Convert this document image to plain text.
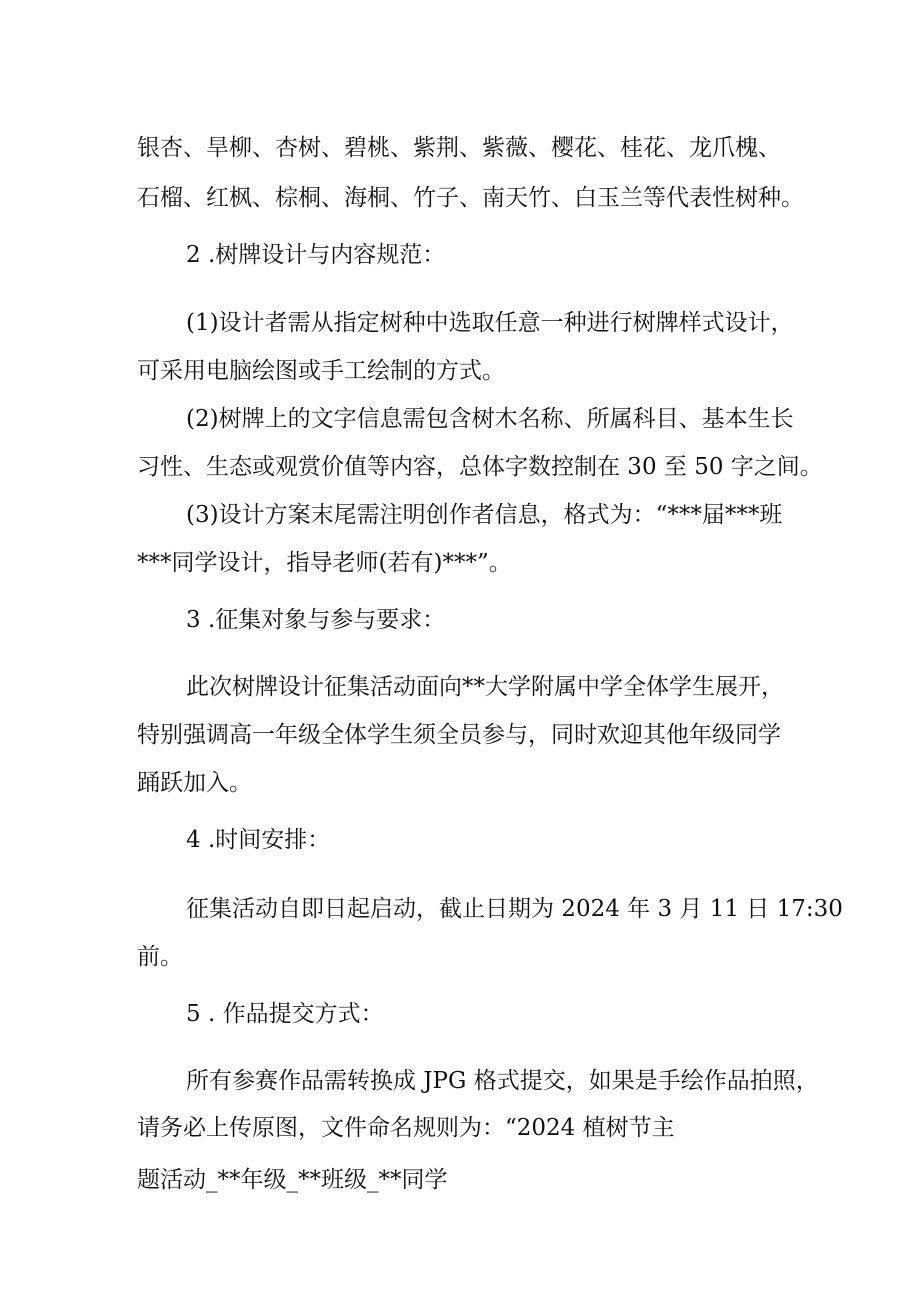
银杏、旱柳、杏树、碧桃、紫荆、紫薇、樱花、桂花、龙爪槐、
石榴、红枫、棕桐、海桐、竹子、南天竹、白玉兰等代表性树种。
2 .树牌设计与内容规范：
(1)设计者需从指定树种中选取任意一种进行树牌样式设计，
可采用电脑绘图或手工绘制的方式。
(2)树牌上的文字信息需包含树木名称、所属科目、基本生长
习性、生态或观赏价值等内容，总体字数控制在 30 至 50 字之间。
(3)设计方案末尾需注明创作者信息，格式为：“***届***班
***同学设计，指导老师(若有)***”。
3 .征集对象与参与要求：
此次树牌设计征集活动面向**大学附属中学全体学生展开，
特别强调高一年级全体学生须全员参与，同时欢迎其他年级同学
踊跃加入。
4 .时间安排：
征集活动自即日起启动，截止日期为 2024 年 3 月 11 日 17:30
前。
5 . 作品提交方式：
所有参赛作品需转换成 JPG 格式提交，如果是手绘作品拍照，
请务必上传原图，文件命名规则为：“2024 植树节主
题活动_**年级_**班级_**同学
